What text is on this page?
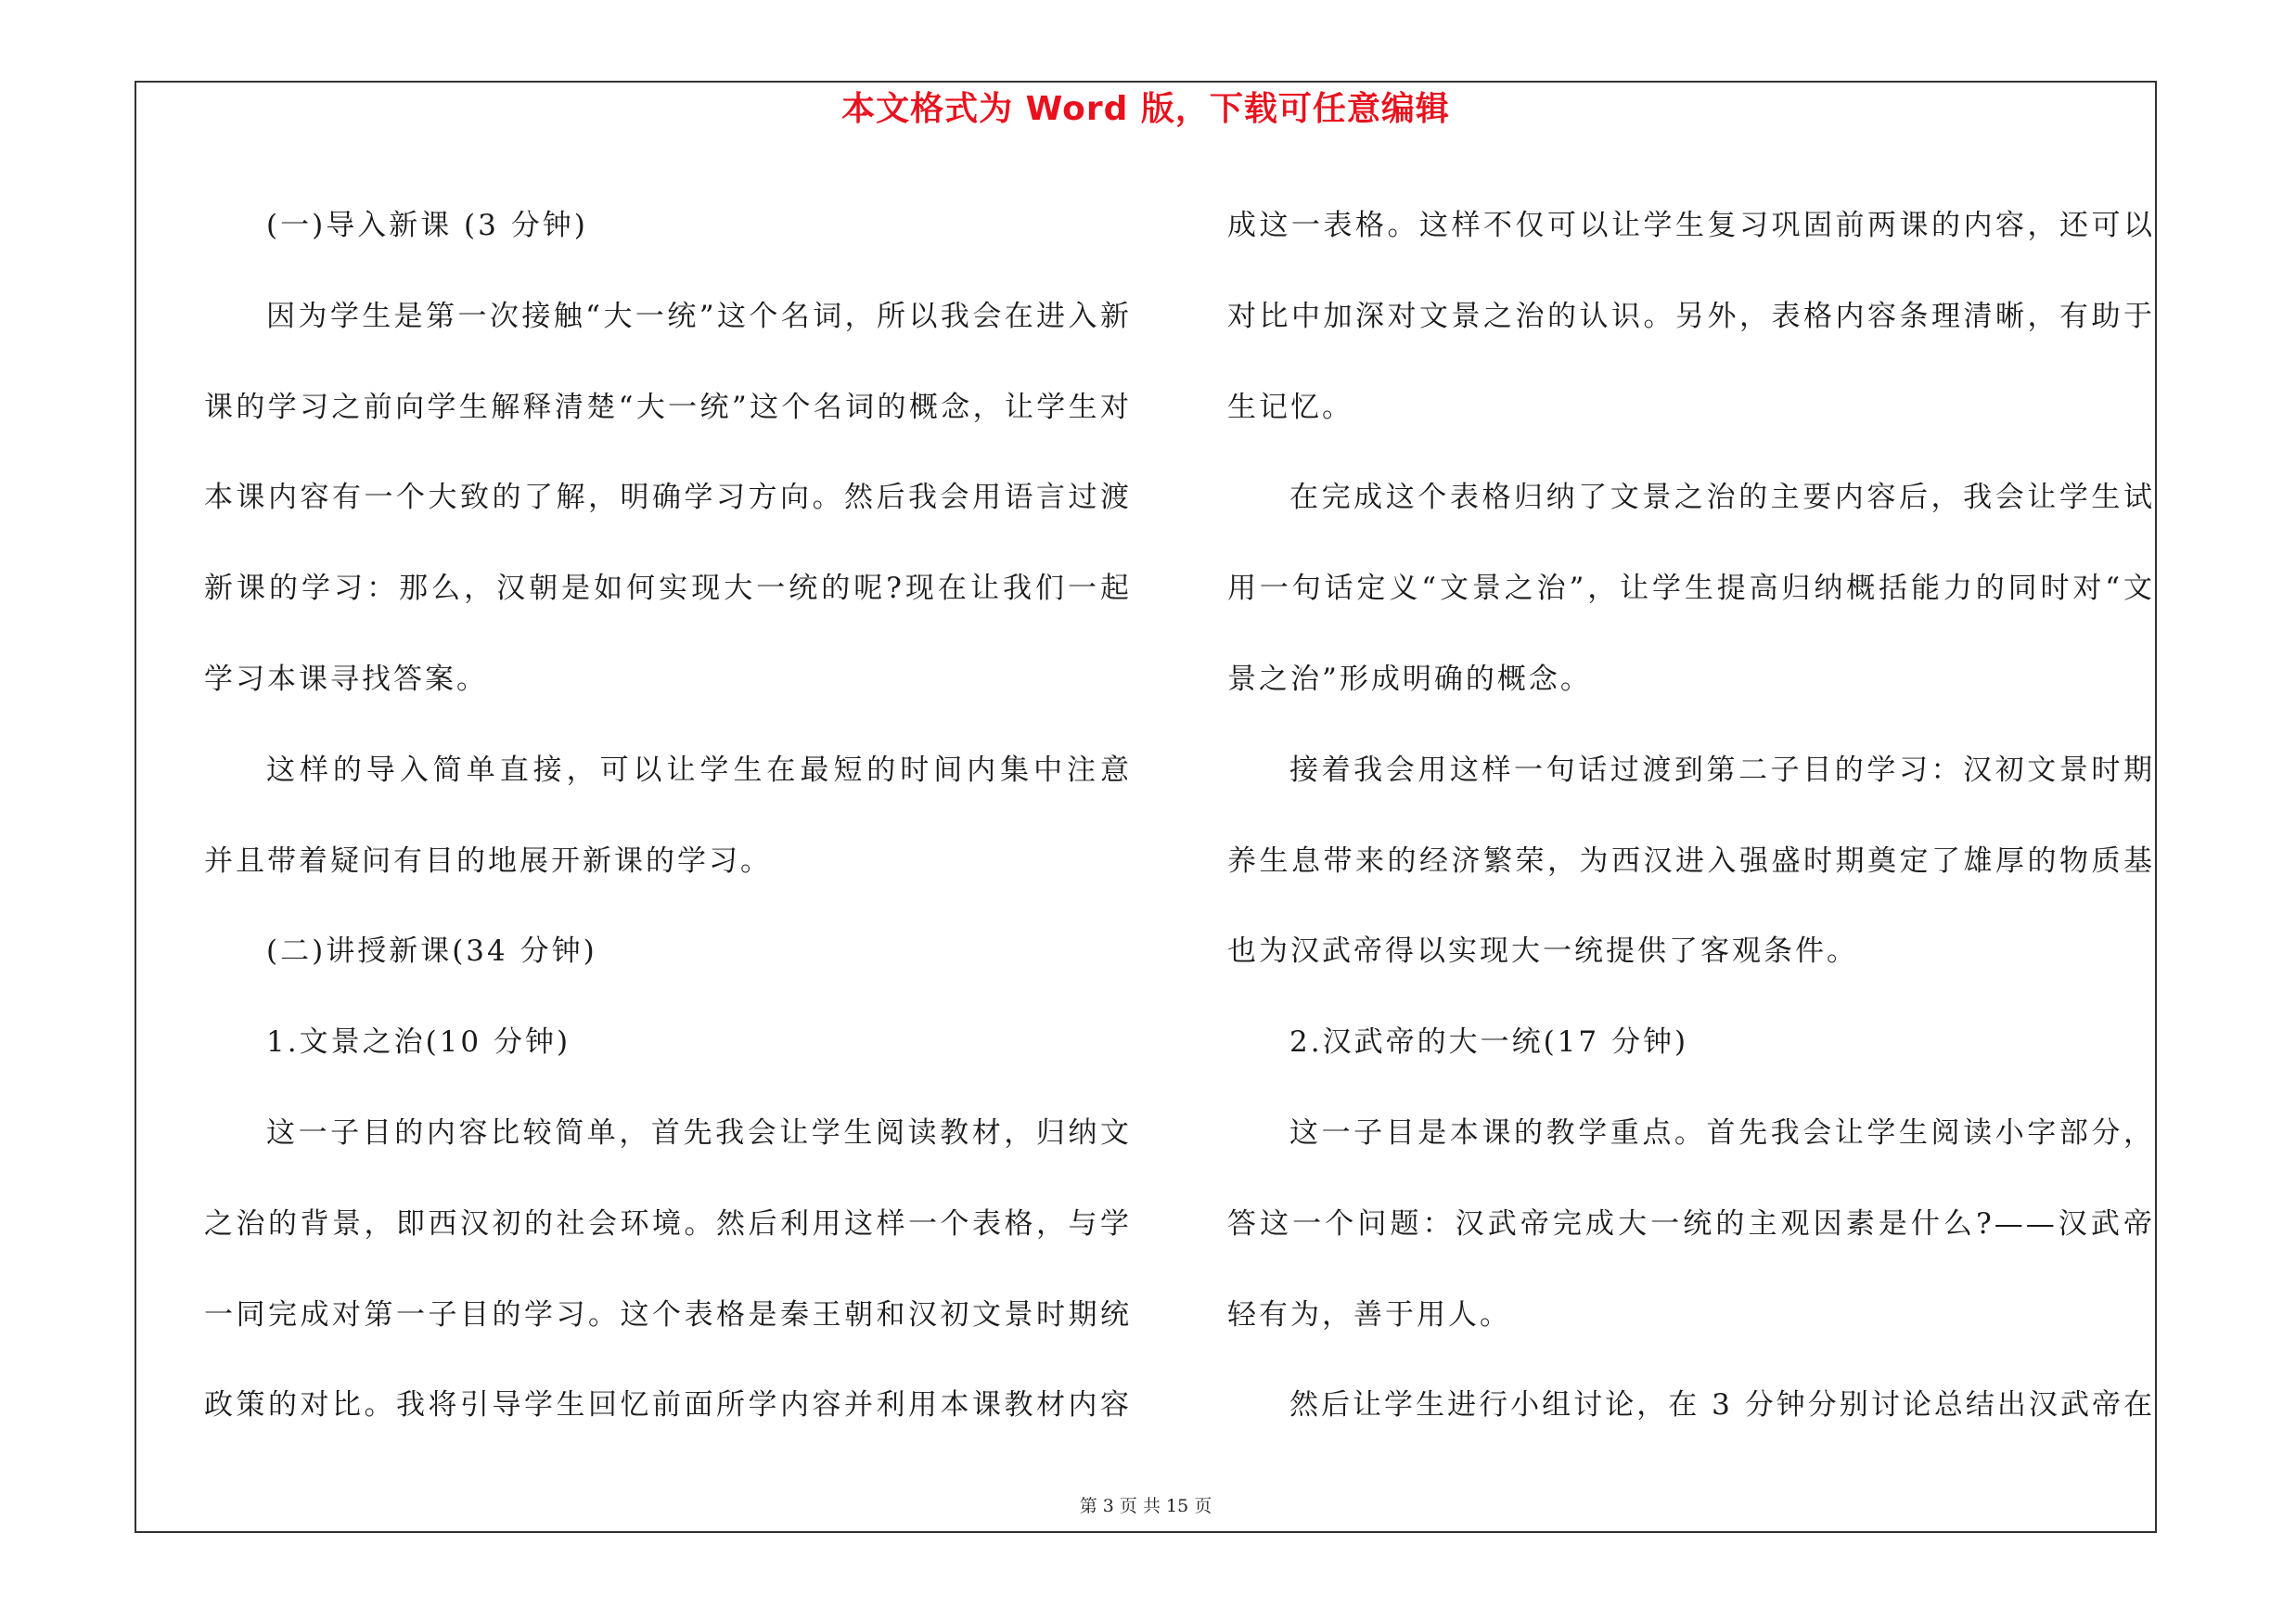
本文格式为 Word 版，下载可任意编辑
(一)导入新课 (3 分钟)
因为学生是第一次接触“大一统”这个名词，所以我会在进入新
课的学习之前向学生解释清楚“大一统”这个名词的概念，让学生对
本课内容有一个大致的了解，明确学习方向。然后我会用语言过渡
新课的学习：那么，汉朝是如何实现大一统的呢?现在让我们一起
学习本课寻找答案。
这样的导入简单直接，可以让学生在最短的时间内集中注意
并且带着疑问有目的地展开新课的学习。
(二)讲授新课(34 分钟)
1.文景之治(10 分钟)
这一子目的内容比较简单，首先我会让学生阅读教材，归纳文
之治的背景，即西汉初的社会环境。然后利用这样一个表格，与学
一同完成对第一子目的学习。这个表格是秦王朝和汉初文景时期统
政策的对比。我将引导学生回忆前面所学内容并利用本课教材内容
成这一表格。这样不仅可以让学生复习巩固前两课的内容，还可以
对比中加深对文景之治的认识。另外，表格内容条理清晰，有助于
生记忆。
在完成这个表格归纳了文景之治的主要内容后，我会让学生试
用一句话定义“文景之治”，让学生提高归纳概括能力的同时对“文
景之治”形成明确的概念。
接着我会用这样一句话过渡到第二子目的学习：汉初文景时期
养生息带来的经济繁荣，为西汉进入强盛时期奠定了雄厚的物质基
也为汉武帝得以实现大一统提供了客观条件。
2.汉武帝的大一统(17 分钟)
这一子目是本课的教学重点。首先我会让学生阅读小字部分，
答这一个问题：汉武帝完成大一统的主观因素是什么?——汉武帝
轻有为，善于用人。
然后让学生进行小组讨论，在 3 分钟分别讨论总结出汉武帝在
第 3 页 共 15 页
